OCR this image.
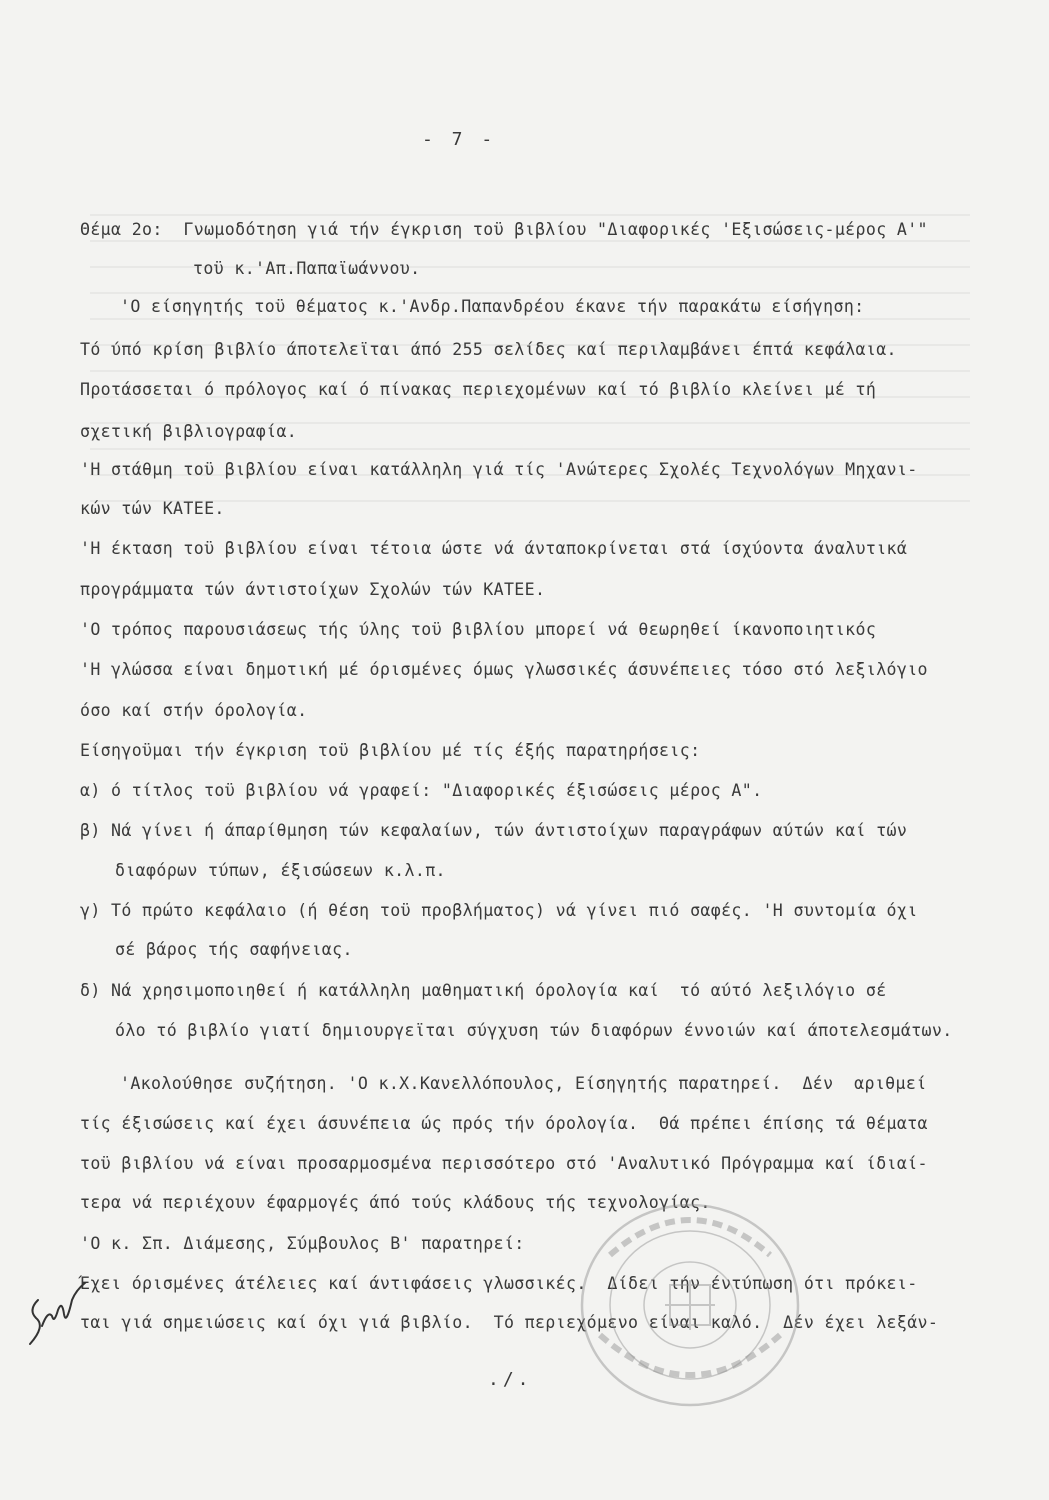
- 7 -
Θέμα 2ο:  Γνωμοδότηση γιά τήν έγκριση τοϋ βιβλίου "Διαφορικές 'Εξισώσεις-μέρος Α'"
τοϋ κ.'Απ.Παπαϊωάννου.
'Ο είσηγητής τοϋ θέματος κ.'Ανδρ.Παπανδρέου έκανε τήν παρακάτω είσήγηση:
Τό ύπό κρίση βιβλίο άποτελεϊται άπό 255 σελίδες καί περιλαμβάνει έπτά κεφάλαια.
Προτάσσεται ό πρόλογος καί ό πίνακας περιεχομένων καί τό βιβλίο κλείνει μέ τή
σχετική βιβλιογραφία.
'Η στάθμη τοϋ βιβλίου είναι κατάλληλη γιά τίς 'Ανώτερες Σχολές Τεχνολόγων Μηχανι-
κών τών ΚΑΤΕΕ.
'Η έκταση τοϋ βιβλίου είναι τέτοια ώστε νά άνταποκρίνεται στά ίσχύοντα άναλυτικά
προγράμματα τών άντιστοίχων Σχολών τών ΚΑΤΕΕ.
'Ο τρόπος παρουσιάσεως τής ύλης τοϋ βιβλίου μπορεί νά θεωρηθεί ίκανοποιητικός
'Η γλώσσα είναι δημοτική μέ όρισμένες όμως γλωσσικές άσυνέπειες τόσο στό λεξιλόγιο
όσο καί στήν όρολογία.
Είσηγοϋμαι τήν έγκριση τοϋ βιβλίου μέ τίς έξής παρατηρήσεις:
α) ό τίτλος τοϋ βιβλίου νά γραφεί: "Διαφορικές έξισώσεις μέρος Α".
β) Νά γίνει ή άπαρίθμηση τών κεφαλαίων, τών άντιστοίχων παραγράφων αύτών καί τών
διαφόρων τύπων, έξισώσεων κ.λ.π.
γ) Τό πρώτο κεφάλαιο (ή θέση τοϋ προβλήματος) νά γίνει πιό σαφές. 'Η συντομία όχι
σέ βάρος τής σαφήνειας.
δ) Νά χρησιμοποιηθεί ή κατάλληλη μαθηματική όρολογία καί  τό αύτό λεξιλόγιο σέ
όλο τό βιβλίο γιατί δημιουργεϊται σύγχυση τών διαφόρων έννοιών καί άποτελεσμάτων.
'Ακολούθησε συζήτηση. 'Ο κ.Χ.Κανελλόπουλος, Είσηγητής παρατηρεί.  Δέν  αριθμεί
τίς έξισώσεις καί έχει άσυνέπεια ώς πρός τήν όρολογία.  Θά πρέπει έπίσης τά θέματα
τοϋ βιβλίου νά είναι προσαρμοσμένα περισσότερο στό 'Αναλυτικό Πρόγραμμα καί ίδιαί-
τερα νά περιέχουν έφαρμογές άπό τούς κλάδους τής τεχνολογίας.
'Ο κ. Σπ. Διάμεσης, Σύμβουλος Β' παρατηρεί:
Έχει όρισμένες άτέλειες καί άντιφάσεις γλωσσικές.  Δίδει τήν έντύπωση ότι πρόκει-
ται γιά σημειώσεις καί όχι γιά βιβλίο.  Τό περιεχόμενο είναι καλό.  Δέν έχει λεξάν-
./.
